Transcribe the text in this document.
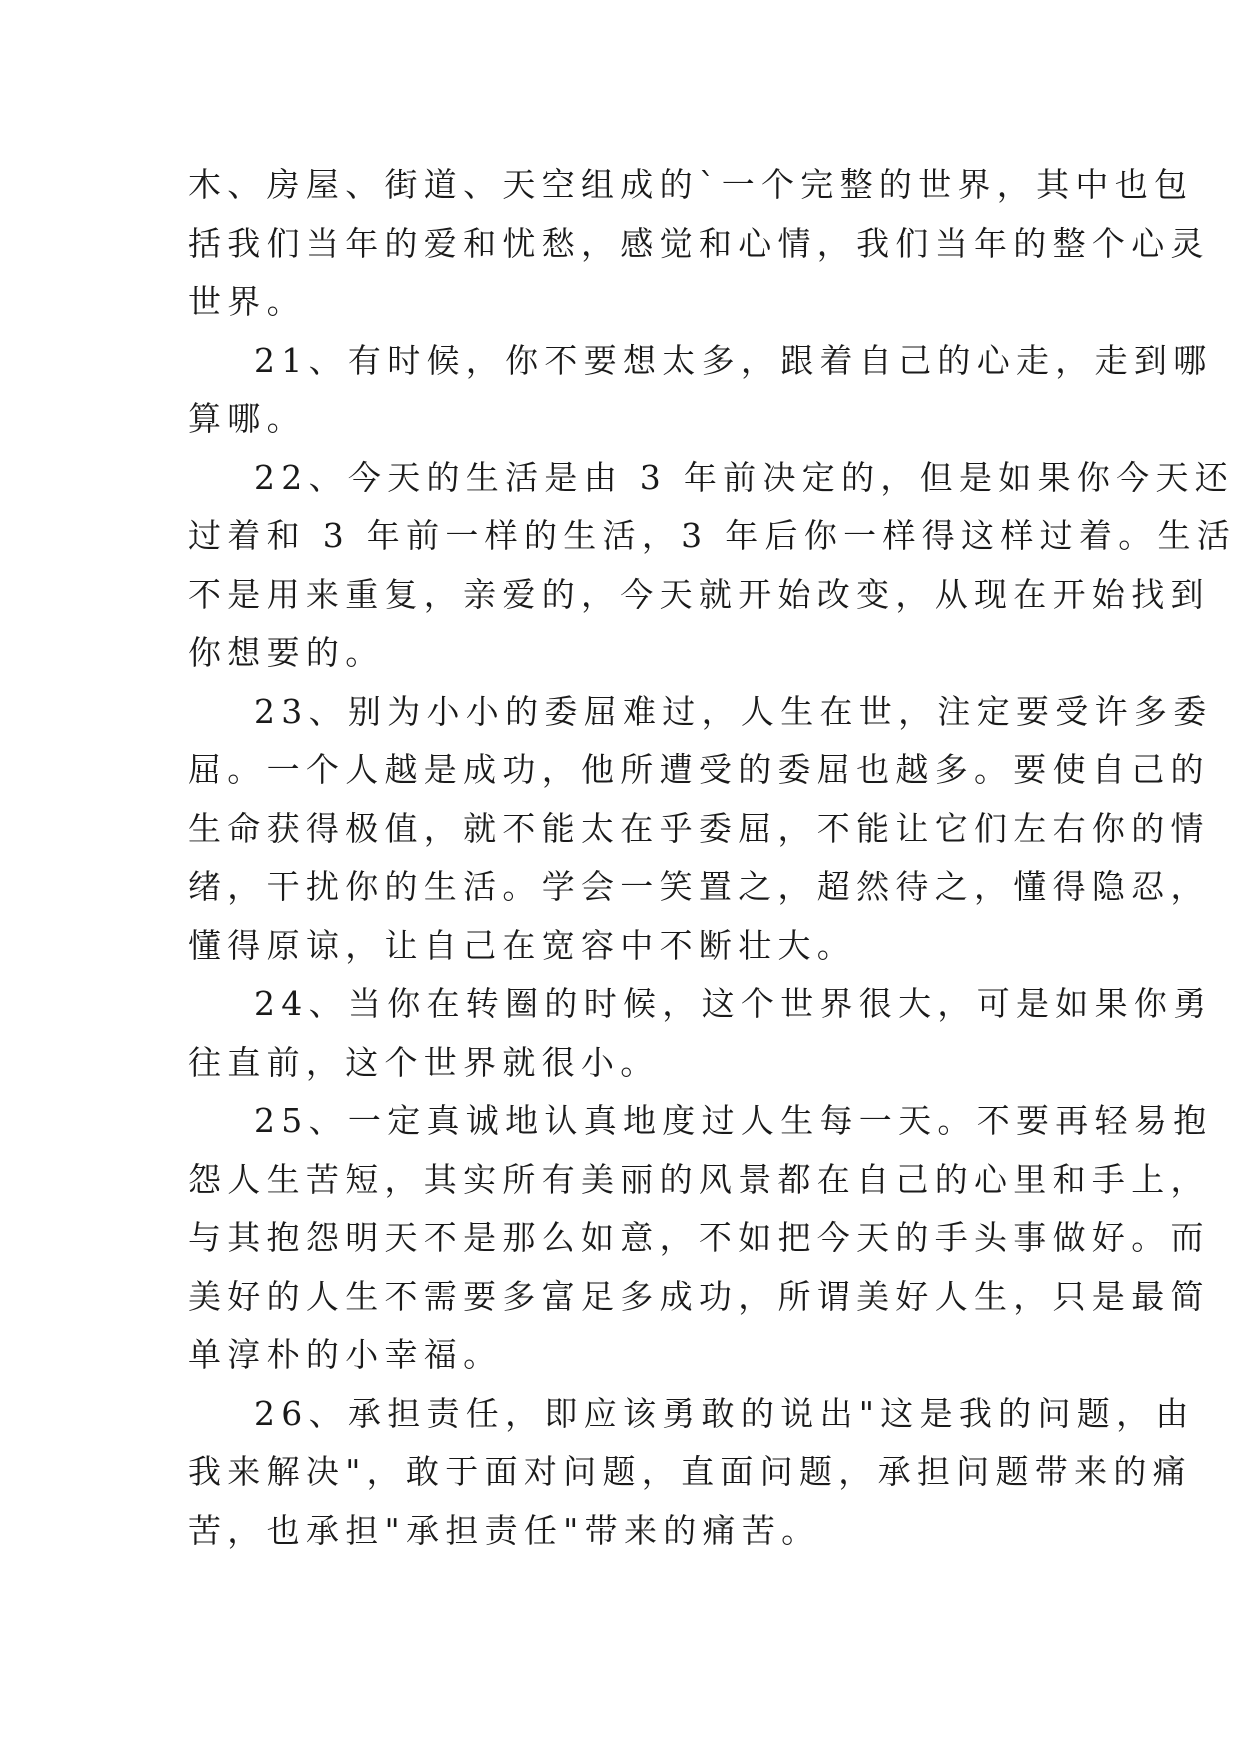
木、房屋、街道、天空组成的`一个完整的世界，其中也包
括我们当年的爱和忧愁，感觉和心情，我们当年的整个心灵
世界。

21、有时候，你不要想太多，跟着自己的心走，走到哪
算哪。

22、今天的生活是由 3 年前决定的，但是如果你今天还
过着和 3 年前一样的生活，3 年后你一样得这样过着。生活
不是用来重复，亲爱的，今天就开始改变，从现在开始找到
你想要的。

23、别为小小的委屈难过，人生在世，注定要受许多委
屈。一个人越是成功，他所遭受的委屈也越多。要使自己的
生命获得极值，就不能太在乎委屈，不能让它们左右你的情
绪，干扰你的生活。学会一笑置之，超然待之，懂得隐忍，
懂得原谅，让自己在宽容中不断壮大。

24、当你在转圈的时候，这个世界很大，可是如果你勇
往直前，这个世界就很小。

25、一定真诚地认真地度过人生每一天。不要再轻易抱
怨人生苦短，其实所有美丽的风景都在自己的心里和手上，
与其抱怨明天不是那么如意，不如把今天的手头事做好。而
美好的人生不需要多富足多成功，所谓美好人生，只是最简
单淳朴的小幸福。

26、承担责任，即应该勇敢的说出"这是我的问题，由
我来解决"，敢于面对问题，直面问题，承担问题带来的痛
苦，也承担"承担责任"带来的痛苦。
